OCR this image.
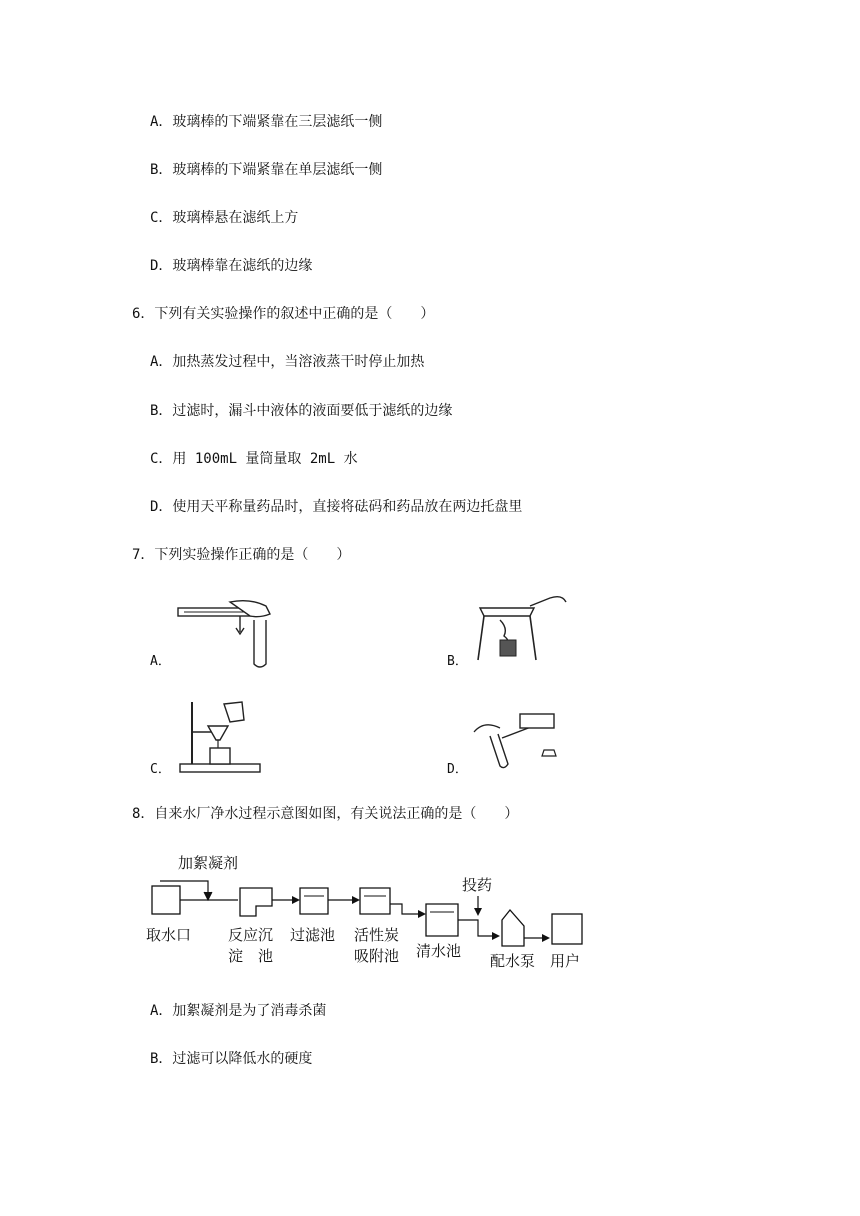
A．玻璃棒的下端紧靠在三层滤纸一侧
B．玻璃棒的下端紧靠在单层滤纸一侧
C．玻璃棒悬在滤纸上方
D．玻璃棒靠在滤纸的边缘
6．下列有关实验操作的叙述中正确的是（　　）
A．加热蒸发过程中，当溶液蒸干时停止加热
B．过滤时，漏斗中液体的液面要低于滤纸的边缘
C．用 100mL 量筒量取 2mL 水
D．使用天平称量药品时，直接将砝码和药品放在两边托盘里
7．下列实验操作正确的是（　　）
A．	B．
C．	D．
8．自来水厂净水过程示意图如图，有关说法正确的是（　　）
加絮凝剂
投药
取水口 反应沉
淀　池
过滤池 活性炭
吸附池 清水池
配水泵 用户
A．加絮凝剂是为了消毒杀菌
B．过滤可以降低水的硬度
